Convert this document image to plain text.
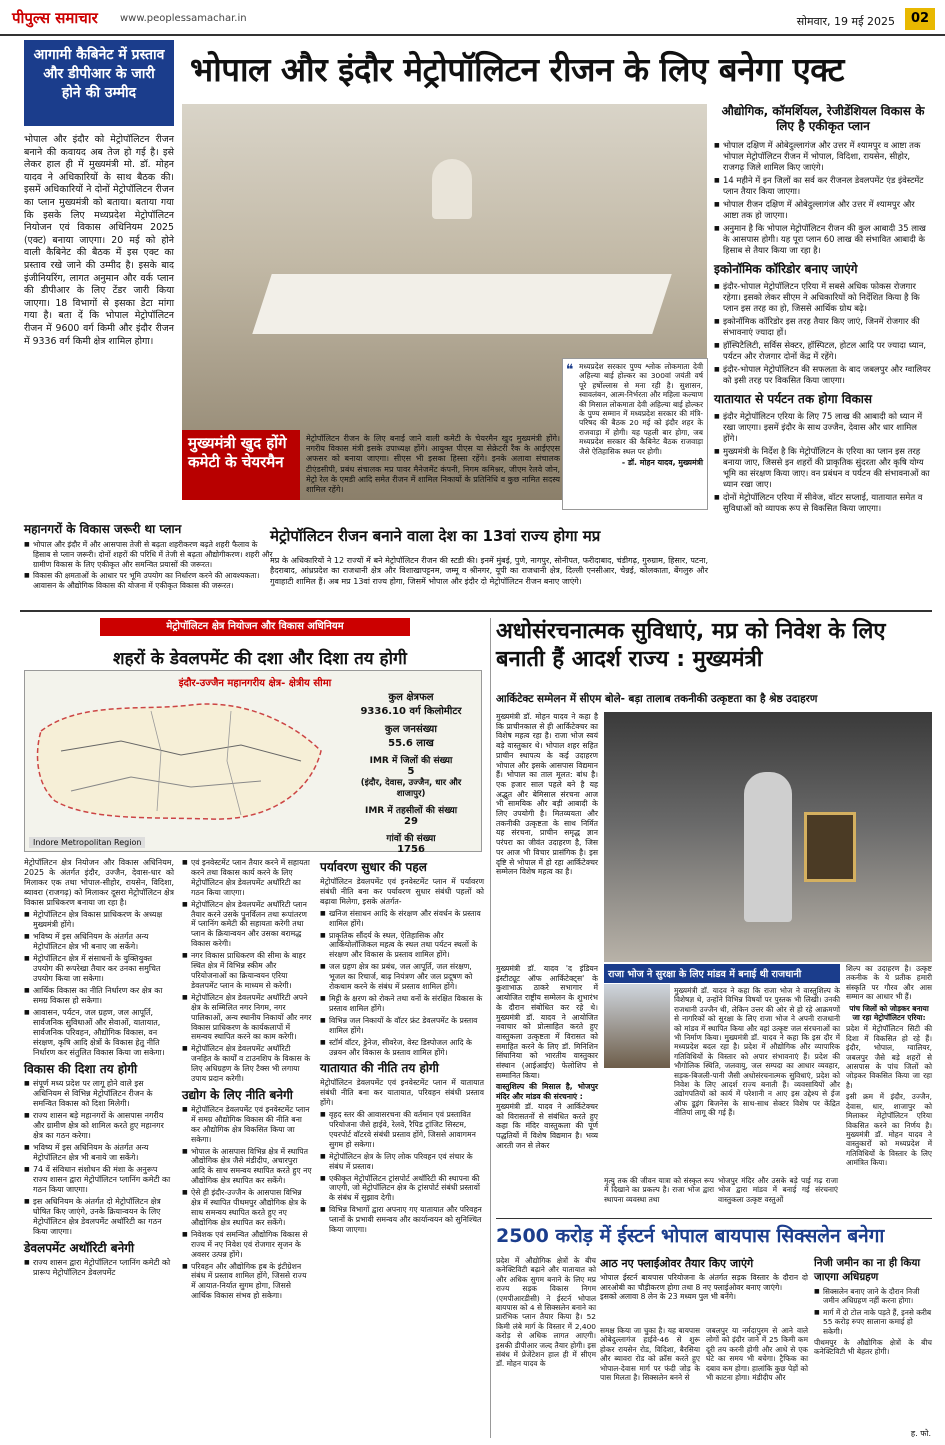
पीपुल्स समाचार www.peoplessamachar.in	सोमवार, 19 मई 2025	02
आगामी कैबिनेट में प्रस्ताव और डीपीआर के जारी होने की उम्मीद
भोपाल और इंदौर मेट्रोपॉलिटन रीजन के लिए बनेगा एक्ट
भोपाल और इंदौर को मेट्रोपॉलिटन रीजन बनाने की कवायद अब तेज हो गई है। इसे लेकर हाल ही में मुख्यमंत्री मो. डॉ. मोहन यादव ने अधिकारियों के साथ बैठक की। इसमें अधिकारियों ने दोनों मेट्रोपॉलिटन रीजन का प्लान मुख्यमंत्री को बताया। बताया गया कि इसके लिए मध्यप्रदेश मेट्रोपॉलिटन नियोजन एवं विकास अधिनियम 2025 (एक्ट) बनाया जाएगा। 20 मई को होने वाली कैबिनेट की बैठक में इस एक्ट का प्रस्ताव रखे जाने की उम्मीद है। इसके बाद इंजीनियरिंग, लागत अनुमान और वर्क प्लान की डीपीआर के लिए टेंडर जारी किया जाएगा। 18 विभागों से इसका डेटा मांगा गया है। बता दें कि भोपाल मेट्रोपॉलिटन रीजन में 9600 वर्ग किमी और इंदौर रीजन में 9336 वर्ग किमी क्षेत्र शामिल होगा।
मुख्यमंत्री खुद होंगे कमेटी के चेयरमैन
मेट्रोपॉलिटन रीजन के लिए बनाई जाने वाली कमेटी के चेयरमैन खुद मुख्यमंत्री होंगे। नगरीय विकास मंत्री इसके उपाध्यक्ष होंगे। आयुक्त पीएस या सेक्रेटरी रैंक के आईएएस अफसर को बनाया जाएगा। सीएस भी इसका हिस्सा रहेंगे। इनके अलावा संचालक टीएंडसीपी, प्रबंध संचालक मप्र पावर मैनेजमेंट कंपनी, निगम कमिश्नर, जीएम रेलवे जोन, मेट्रो रेल के एमडी आदि समेत रीजन में शामिल निकायों के प्रतिनिधि व कुछ नामित सदस्य शामिल रहेंगे।
❝ मध्यप्रदेश सरकार पुण्य श्लोक लोकमाता देवी अहिल्या बाई होल्कर का 300वां जयंती वर्ष पूरे हर्षोल्लास से मना रही है। सुशासन, स्वावलंबन, आत्म-निर्भरता और महिला कल्याण की मिसाल लोकमाता देवी अहिल्या बाई होल्कर के पुण्य सम्मान में मध्यप्रदेश सरकार की मंत्रि-परिषद की बैठक 20 मई को इंदौर शहर के राजवाड़ा में होगी। यह पहली बार होगा, जब मध्यप्रदेश सरकार की कैबिनेट बैठक राजवाड़ा जैसे ऐतिहासिक स्थल पर होगी।
- डॉ. मोहन यादव, मुख्यमंत्री
औद्योगिक, कॉमर्शियल, रेजीडेंशियल विकास के लिए है एकीकृत प्लान
■ भोपाल दक्षिण में ओबेदुल्लागंज और उत्तर में श्यामपुर व आष्टा तक भोपाल मेट्रोपॉलिटन रीजन में भोपाल, विदिशा, रायसेन, सीहोर, राजगढ़ जिले शामिल किए जाएंगे।
■ 14 महीने में इन जिलों का सर्व कर रीजनल डेवलपमेंट एंड इंवेस्टमेंट प्लान तैयार किया जाएगा।
■ भोपाल रीजन दक्षिण में ओबेदुल्लागंज और उत्तर में श्यामपुर और आष्टा तक हो जाएगा।
■ अनुमान है कि भोपाल मेट्रोपॉलिटन रीजन की कुल आबादी 35 लाख के आसपास होगी। यह पूरा प्लान 60 लाख की संभावित आबादी के हिसाब से तैयार किया जा रहा है।
इकोनॉमिक कॉरिडोर बनाए जाएंगे
■ इंदौर-भोपाल मेट्रोपॉलिटन एरिया में सबसे अधिक फोकस रोजगार रहेगा। इसको लेकर सीएम ने अधिकारियों को निर्देशित किया है कि प्लान इस तरह का हो, जिससे आर्थिक ग्रोथ बढ़े।
■ इकोनॉमिक कॉरिडोर इस तरह तैयार किए जाएं, जिनमें रोजगार की संभावनाएं ज्यादा हों।
■ हॉस्पिटैलिटी, सर्विस सेक्टर, हॉस्पिटल, होटल आदि पर ज्यादा ध्यान, पर्यटन और रोजगार दोनों केंद्र में रहेंगे।
■ इंदौर-भोपाल मेट्रोपॉलिटन की सफलता के बाद जबलपुर और ग्वालियर को इसी तरह पर विकसित किया जाएगा।
यातायात से पर्यटन तक होगा विकास
■ इंदौर मेट्रोपॉलिटन एरिया के लिए 75 लाख की आबादी को ध्यान में रखा जाएगा। इसमें इंदौर के साथ उज्जैन, देवास और धार शामिल होंगे।
■ मुख्यमंत्री के निर्देश है कि मेट्रोपॉलिटन के एरिया का प्लान इस तरह बनाया जाए, जिससे इन शहरों की प्राकृतिक सुंदरता और कृषि योग्य भूमि का संरक्षण किया जाए। वन प्रबंधन व पर्यटन की संभावनाओं का ध्यान रखा जाए।
■ दोनों मेट्रोपॉलिटन एरिया में सीवेज, वॉटर सप्लाई, यातायात समेत व सुविधाओं को व्यापक रूप से विकसित किया जाएगा।
महानगरों के विकास जरूरी था प्लान
■ भोपाल और इंदौर में और आसपास तेजी से बढ़ता शहरीकरण बढ़ते शहरी फैलाव के हिसाब से प्लान जरूरी। दोनों शहरों की परिधि में तेजी से बढ़ता औद्योगीकरण। शहरी और ग्रामीण विकास के लिए एकीकृत और समन्वित प्रयासों की जरूरत।
■ विकास की क्षमताओं के आधार पर भूमि उपयोग का निर्धारण करने की आवश्यकता। आवासन के औद्योगिक विकास की योजना में एकीकृत विकास की जरूरत।
मेट्रोपॉलिटन रीजन बनाने वाला देश का 13वां राज्य होगा मप्र
मप्र के अधिकारियों ने 12 राज्यों में बने मेट्रोपॉलिटन रीजन की स्टडी की। इनमें मुंबई, पुणे, नागपुर, सोनीपत, फरीदाबाद, चंडीगढ़, गुरुग्राम, हिसार, पटना, हैदराबाद, आंध्रप्रदेश का राजधानी क्षेत्र और विशाखापट्टनम, जम्मू व श्रीनगर, यूपी का राजधानी क्षेत्र, दिल्ली एनसीआर, चेन्नई, कोलकाता, बेंगलुरु और गुवाहाटी शामिल हैं। अब मप्र 13वां राज्य होगा, जिसमें भोपाल और इंदौर दो मेट्रोपॉलिटन रीजन बनाए जाएंगे।
मेट्रोपॉलिटन क्षेत्र नियोजन और विकास अधिनियम
शहरों के डेवलपमेंट की दशा और दिशा तय होगी
इंदौर-उज्जैन महानगरीय क्षेत्र- क्षेत्रीय सीमा
कुल क्षेत्रफल
9336.10 वर्ग किलोमीटर
कुल जनसंख्या
55.6 लाख
IMR में जिलों की संख्या
5
(इंदौर, देवास, उज्जैन, धार और शाजापुर)
IMR में तहसीलों की संख्या
29
गांवों की संख्या
1756
Indore Metropolitan Region
मेट्रोपॉलिटन क्षेत्र नियोजन और विकास अधिनियम, 2025 के अंतर्गत इंदौर, उज्जैन, देवास-धार को मिलाकर एक तथा भोपाल-सीहोर, रायसेन, विदिशा, ब्यावरा (राजगढ़) को मिलाकर दूसरा मेट्रोपॉलिटन क्षेत्र विकास प्राधिकरण बनाया जा रहा है।
■ मेट्रोपॉलिटन क्षेत्र विकास प्राधिकरण के अध्यक्ष मुख्यमंत्री होंगे।
■ भविष्य में इस अधिनियम के अंतर्गत अन्य मेट्रोपॉलिटन क्षेत्र भी बनाए जा सकेंगे।
■ मेट्रोपॉलिटन क्षेत्र में संसाधनों के युक्तियुक्त उपयोग की रूपरेखा तैयार कर उनका समुचित उपयोग किया जा सकेगा।
■ आर्थिक विकास का नीति निर्धारण कर क्षेत्र का समग्र विकास हो सकेगा।
■ आवासन, पर्यटन, जल ग्रहण, जल आपूर्ति, सार्वजनिक सुविधाओं और सेवाओं, यातायात, सार्वजनिक परिवहन, औद्योगिक विकास, वन संरक्षण, कृषि आदि क्षेत्रों के विकास हेतु नीति निर्धारण कर संतुलित विकास किया जा सकेगा।
विकास की दिशा तय होगी
■ संपूर्ण मध्य प्रदेश पर लागू होने वाले इस अधिनियम से विभिन्न मेट्रोपॉलिटन रीजन के समन्वित विकास को दिशा मिलेगी।
■ राज्य शासन बड़े महानगरों के आसपास नगरीय और ग्रामीण क्षेत्र को शामिल करते हुए महानगर क्षेत्र का गठन करेगा।
■ भविष्य में इस अधिनियम के अंतर्गत अन्य मेट्रोपॉलिटन क्षेत्र भी बनाये जा सकेंगे।
■ 74 वें संविधान संशोधन की मंशा के अनुरूप राज्य शासन द्वारा मेट्रोपॉलिटन प्लानिंग कमेटी का गठन किया जाएगा।
■ इस अधिनियम के अंतर्गत दो मेट्रोपॉलिटन क्षेत्र घोषित किए जाएंगे, उनके क्रियान्वयन के लिए मेट्रोपॉलिटन क्षेत्र डेवलपमेंट अथॉरिटी का गठन किया जाएगा।
डेवलपमेंट अथॉरिटी बनेगी
■ राज्य शासन द्वारा मेट्रोपॉलिटन प्लानिंग कमेटी को प्रारूप मेट्रोपॉलिटन डेवलपमेंट
■ एवं इनवेस्टमेंट प्लान तैयार करने में सहायता करने तथा विकास कार्य करने के लिए मेट्रोपॉलिटन क्षेत्र डेवलपमेंट अथॉरिटी का गठन किया जाएगा।
■ मेट्रोपॉलिटन क्षेत्र डेवलपमेंट अथॉरिटी प्लान तैयार करने उसके पुनर्विलन तथा रूपांतरण में प्लानिंग कमेटी की सहायता करेगी तथा प्लान के क्रियान्वयन और उसका बरामद्ध विकास करेगी।
■ नगर विकास प्राधिकरण की सीमा के बाहर स्थित क्षेत्र में विभिन्न स्कीम और परियोजनाओं का क्रियान्वयन एरिया डेवलपमेंट प्लान के माध्यम से करेगी।
■ मेट्रोपॉलिटन क्षेत्र डेवलपमेंट अथॉरिटी अपने क्षेत्र के सम्मिलित नगर निगम, नगर पालिकाओं, अन्य स्थानीय निकायों और नगर विकास प्राधिकरण के कार्यकलापों में समन्वय स्थापित करने का काम करेगी।
■ मेट्रोपॉलिटन क्षेत्र डेवलपमेंट अथॉरिटी जनहित के कार्यों व टाउनशिप के विकास के लिए अधिग्रहण के लिए टैक्स भी लगाया उपाय प्रदान करेगी।
उद्योग के लिए नीति बनेगी
■ मेट्रोपॉलिटन डेवलपमेंट एवं इनवेस्टमेंट प्लान में समग्र औद्योगिक विकास की नीति बना कर औद्योगिक क्षेत्र विकसित किया जा सकेगा।
■ भोपाल के आसपास विभिन्न क्षेत्र में स्थापित औद्योगिक क्षेत्र जैसे मंडीदीप, अचारपुरा आदि के साथ समन्वय स्थापित करते हुए नए औद्योगिक क्षेत्र स्थापित कर सकेंगे।
■ ऐसे ही इंदौर-उज्जैन के आसपास विभिन्न क्षेत्र में स्थापित पीथमपुर औद्योगिक क्षेत्र के साथ समन्वय स्थापित करते हुए नए औद्योगिक क्षेत्र स्थापित कर सकेंगे।
■ निवेशक एवं समन्वित औद्योगिक विकास से राज्य में नए निवेश एवं रोजगार सृजन के अवसर उत्पन्न होंगे।
■ परिवहन और औद्योगिक हब के इंटीग्रेशन संबंध में प्रस्ताव शामिल होंगे, जिससे राज्य में आयात-निर्यात सुगम होगा, जिससे आर्थिक विकास संभव हो सकेगा।
पर्यावरण सुधार की पहल
मेट्रोपॉलिटन डेवलपमेंट एवं इनवेस्टमेंट प्लान में पर्यावरण संबंधी नीति बना कर पर्यावरण सुधार संबंधी पहलों को बढ़ावा मिलेगा, इसके अंतर्गत-
■ खनिज संसाधन आदि के संरक्षण और संवर्धन के प्रस्ताव शामिल होंगे।
■ प्राकृतिक सौंदर्य के स्थल, ऐतिहासिक और आर्कियोलॉजिकल महत्व के स्थल तथा पर्यटन स्थलों के संरक्षण और विकास के प्रस्ताव शामिल होंगे।
■ जल ग्रहण क्षेत्र का प्रबंध, जल आपूर्ति, जल संरक्षण, भूजल का रिचार्ज, बाढ़ नियंत्रण और जल प्रदूषण को रोकथाम करने के संबंध में प्रस्ताव शामिल होंगे।
■ मिट्टी के क्षरण को रोकने तथा वनों के संरक्षित विकास के प्रस्ताव शामिल होंगे।
■ विभिन्न जल निकायों के वॉटर फ्रंट डेवलपमेंट के प्रस्ताव शामिल होंगे।
■ स्टॉर्म वॉटर, ड्रेनेज, सीवरेज, वेस्ट डिस्पोजल आदि के उन्नयन और विकास के प्रस्ताव शामिल होंगे।
यातायात की नीति तय होगी
मेट्रोपॉलिटन डेवलपमेंट एवं इनवेस्टमेंट प्लान में यातायात संबंधी नीति बना कर यातायात, परिवहन संबंधी प्रस्ताव होंगे।
■ वृहद स्तर की आवासरचना की वर्तमान एवं प्रस्तावित परियोजना जैसे हाईवे, रेलवे, रैपिड ट्रांजिट सिस्टम, एयरपोर्ट वॉटरवे संबंधी प्रस्ताव होंगे, जिससे आवागमन सुगम हो सकेगा।
■ मेट्रोपॉलिटन क्षेत्र के लिए लोक परिवहन एवं संचार के संबंध में प्रस्ताव।
■ एकीकृत मेट्रोपॉलिटन ट्रांसपोर्ट अथॉरिटी की स्थापना की जाएगी, जो मेट्रोपॉलिटन क्षेत्र के ट्रांसपोर्ट संबंधी प्रस्तावों के संबंध में सुझाव देगी।
■ विभिन्न विभागों द्वारा अपनाए गए यातायात और परिवहन प्लानों के प्रभावी समन्वय और कार्यान्वयन को सुनिश्चित किया जाएगा।
अधोसंरचनात्मक सुविधाएं, मप्र को निवेश के लिए बनाती हैं आदर्श राज्य : मुख्यमंत्री
आर्किटेक्ट सम्मेलन में सीएम बोले- बड़ा तालाब तकनीकी उत्कृष्टता का है श्रेष्ठ उदाहरण
मुख्यमंत्री डॉ. मोहन यादव ने कहा है कि प्राचीनकाल से ही आर्किटेक्चर का विशेष महत्व रहा है। राजा भोज स्वयं बड़े वास्तुकार थे। भोपाल शहर सहित प्राचीन स्थापत्य के कई उदाहरण भोपाल और इसके आसपास विद्यमान हैं। भोपाल का ताल मूलत: बांध है। एक हजार साल पहले बने है यह अद्भुत और बेमिसाल संरचना आज भी सामयिक और बड़ी आबादी के लिए उपयोगी है। मितव्ययता और तकनीकी उत्कृष्टता के साथ निर्मित यह संरचना, प्राचीन समृद्ध ज्ञान परंपरा का जीवंत उदाहरण है, जिस पर आज भी विचार प्रासंगिक है। इस दृष्टि से भोपाल में हो रहा आर्किटेक्चर सम्मेलन विशेष महत्व का है।
मुख्यमंत्री डॉ. यादव 'द इंडियन इंस्टीट्यूट ऑफ आर्किटेक्ट्स' के कुशाभाऊ ठाकरे सभागार में आयोजित राष्ट्रीय सम्मेलन के शुभारंभ के दौरान संबोधित कर रहे थे। मुख्यमंत्री डॉ. यादव ने आयोजित नवाचार को प्रोत्साहित करते हुए वास्तुकला उत्कृष्टता में विरासत को समाहित करने के लिए डॉ. मिनिशिन सिंघानिया को भारतीय वास्तुकार संस्थान (आईआईए) फेलोशिप से सम्मानित किया।
वास्तुशिल्प की मिसाल है, भोजपुर मंदिर और मांडव की संरचनाएं :
मुख्यमंत्री डॉ. यादव ने आर्किटेक्चर को विरासतनों से संबंधित करते हुए कहा कि मंदिर वास्तुकला की पूर्ण पद्धतियों में विशेष विद्यमान है। भव्य आरती जन से लेकर
राजा भोज ने सुरक्षा के लिए मांडव में बनाई थी राजधानी
मुख्यमंत्री डॉ. यादव ने कहा कि राजा भोज ने वास्तुशिल्प के विशेषज्ञ थे, उन्होंने विभिन्न विषयों पर पुस्तक भी लिखी। उनकी राजधानी उज्जैन थी, लेकिन उत्तर की ओर से हो रहे आक्रमणों से नागरिकों को सुरक्षा के लिए राजा भोज ने अपनी राजधानी को मांडव में स्थापित किया और वहां उत्कृष्ट जल संरचनाओं का भी निर्माण किया। मुख्यमंत्री डॉ. यादव ने कहा कि इस दौर में मध्यप्रदेश बदल रहा है। प्रदेश में औद्योगिक और व्यापारिक गतिविधियों के विस्तार को अपार संभावनाएं हैं। प्रदेश की भौगोलिक स्थिति, जलवायु, जल सम्पदा का आधार व्यवहार, सड़क-बिजली-पानी जैसी अधोसंरचनात्मक सुविधाएं, प्रदेश को निवेश के लिए आदर्श राज्य बनाती हैं। व्यवसायियों और उद्योगपतियों को कार्य में परेशानी न आए इस उद्देश्य से ईज ऑफ डूइंग बिजनेस के साथ-साथ सेक्टर विशेष पर केंद्रित नीतियां लागू की गई हैं।
मृत्यु तक की जीवन यात्रा को संस्कृत रूप में दिखाने का प्रकल्प है। राजा भोज द्वारा स्थापना व्यवस्था तथा
भोजपुर मंदिर और उसके बड़े पाई गढ़ राजा भोज द्वारा मांडव में बनाई गई संरचनाएं वास्तुकला उत्कृष्ट वस्तुओं
शिल्प का उदाहरण है। उत्कृष्ट तकनीक के ये प्रतीक हमारी संस्कृति पर गौरव और आस सम्मान का आधार भी हैं।
पांच जिलों को जोड़कर बनाया जा रहा मेट्रोपॉलिटन एरिया:
प्रदेश में मेट्रोपॉलिटन सिटी की दिशा में विकसित हो रहे हैं। इंदौर, भोपाल, ग्वालियर, जबलपुर जैसे बड़े शहरों से आसपास के पांच जिलों को जोड़कर विकसित किया जा रहा है।

इसी क्रम में इंदौर, उज्जैन, देवास, धार, शाजापुर को मिलाकर मेट्रोपॉलिटन एरिया विकसित करने का निर्णय है। मुख्यमंत्री डॉ. मोहन यादव ने वास्तुकारों को मध्यप्रदेश में गतिविधियों के विस्तार के लिए आमंत्रित किया।

2500 करोड़ में ईस्टर्न भोपाल बायपास सिक्सलेन बनेगा
प्रदेश में औद्योगिक क्षेत्रों के बीच कनेक्टिविटी बढ़ाने और यातायात को और अधिक सुगम बनाने के लिए मप्र राज्य सड़क विकास निगम (एमपीआरडीसी) ने ईस्टर्न भोपाल बायपास को 4 से सिक्सलेन बनाने का प्रारंभिक प्लान तैयार किया है। 52 किमी लंबे मार्ग के विस्तार में 2,400 करोड़ से अधिक लागत आएगी। इसकी डीपीआर जल्द तैयार होगी। इस संबंध में प्रेजेंटेशन हाल ही में सीएम डॉ. मोहन यादव के
आठ नए फ्लाईओवर तैयार किए जाएंगे
भोपाल ईस्टर्न बायपास परियोजना के अंतर्गत सड़क विस्तार के दौरान दो आरओबी का चौड़ीकरण होगा तथा 8 नए फ्लाईओवर बनाए जाएंगे।
इसको अलावा 8 लेन के 23 मध्यम पुल भी बनेंगे।
समक्ष किया जा चुका है। यह बायपास ओबेदुल्लागंज हाईवे-46 से शुरू होकर रायसेन रोड, विदिशा, बैरसिया और ब्यावरा रोड को क्रॉस करते हुए भोपाल-देवास मार्ग पर फंदी जोड़ के पास मिलता है। सिक्सलेन बनने से
जबलपुर या नर्मदापुरम से आने वाले लोगों को इंदौर जाने में 25 किमी कम दूरी तय करनी होगी और आधे से एक घंटे का समय भी बचेगा। ट्रैफिक का दबाव कम होगा। हालांकि कुछ पेड़ों को भी काटना होगा। मंडीदीप और
निजी जमीन का ना ही किया जाएगा अधिग्रहण
■ सिक्सलेन बनाए जाने के दौरान निजी जमीन अधिग्रहण नहीं करना होगा।
■ मार्ग में दो टोल नाके पड़ते हैं, इनसे करीब 55 करोड़ रुपए सालाना कमाई हो सकेगी।
पीथमपुर के औद्योगिक क्षेत्रों के बीच कनेक्टिविटी भी बेहतर होगी।
ह. फो.
